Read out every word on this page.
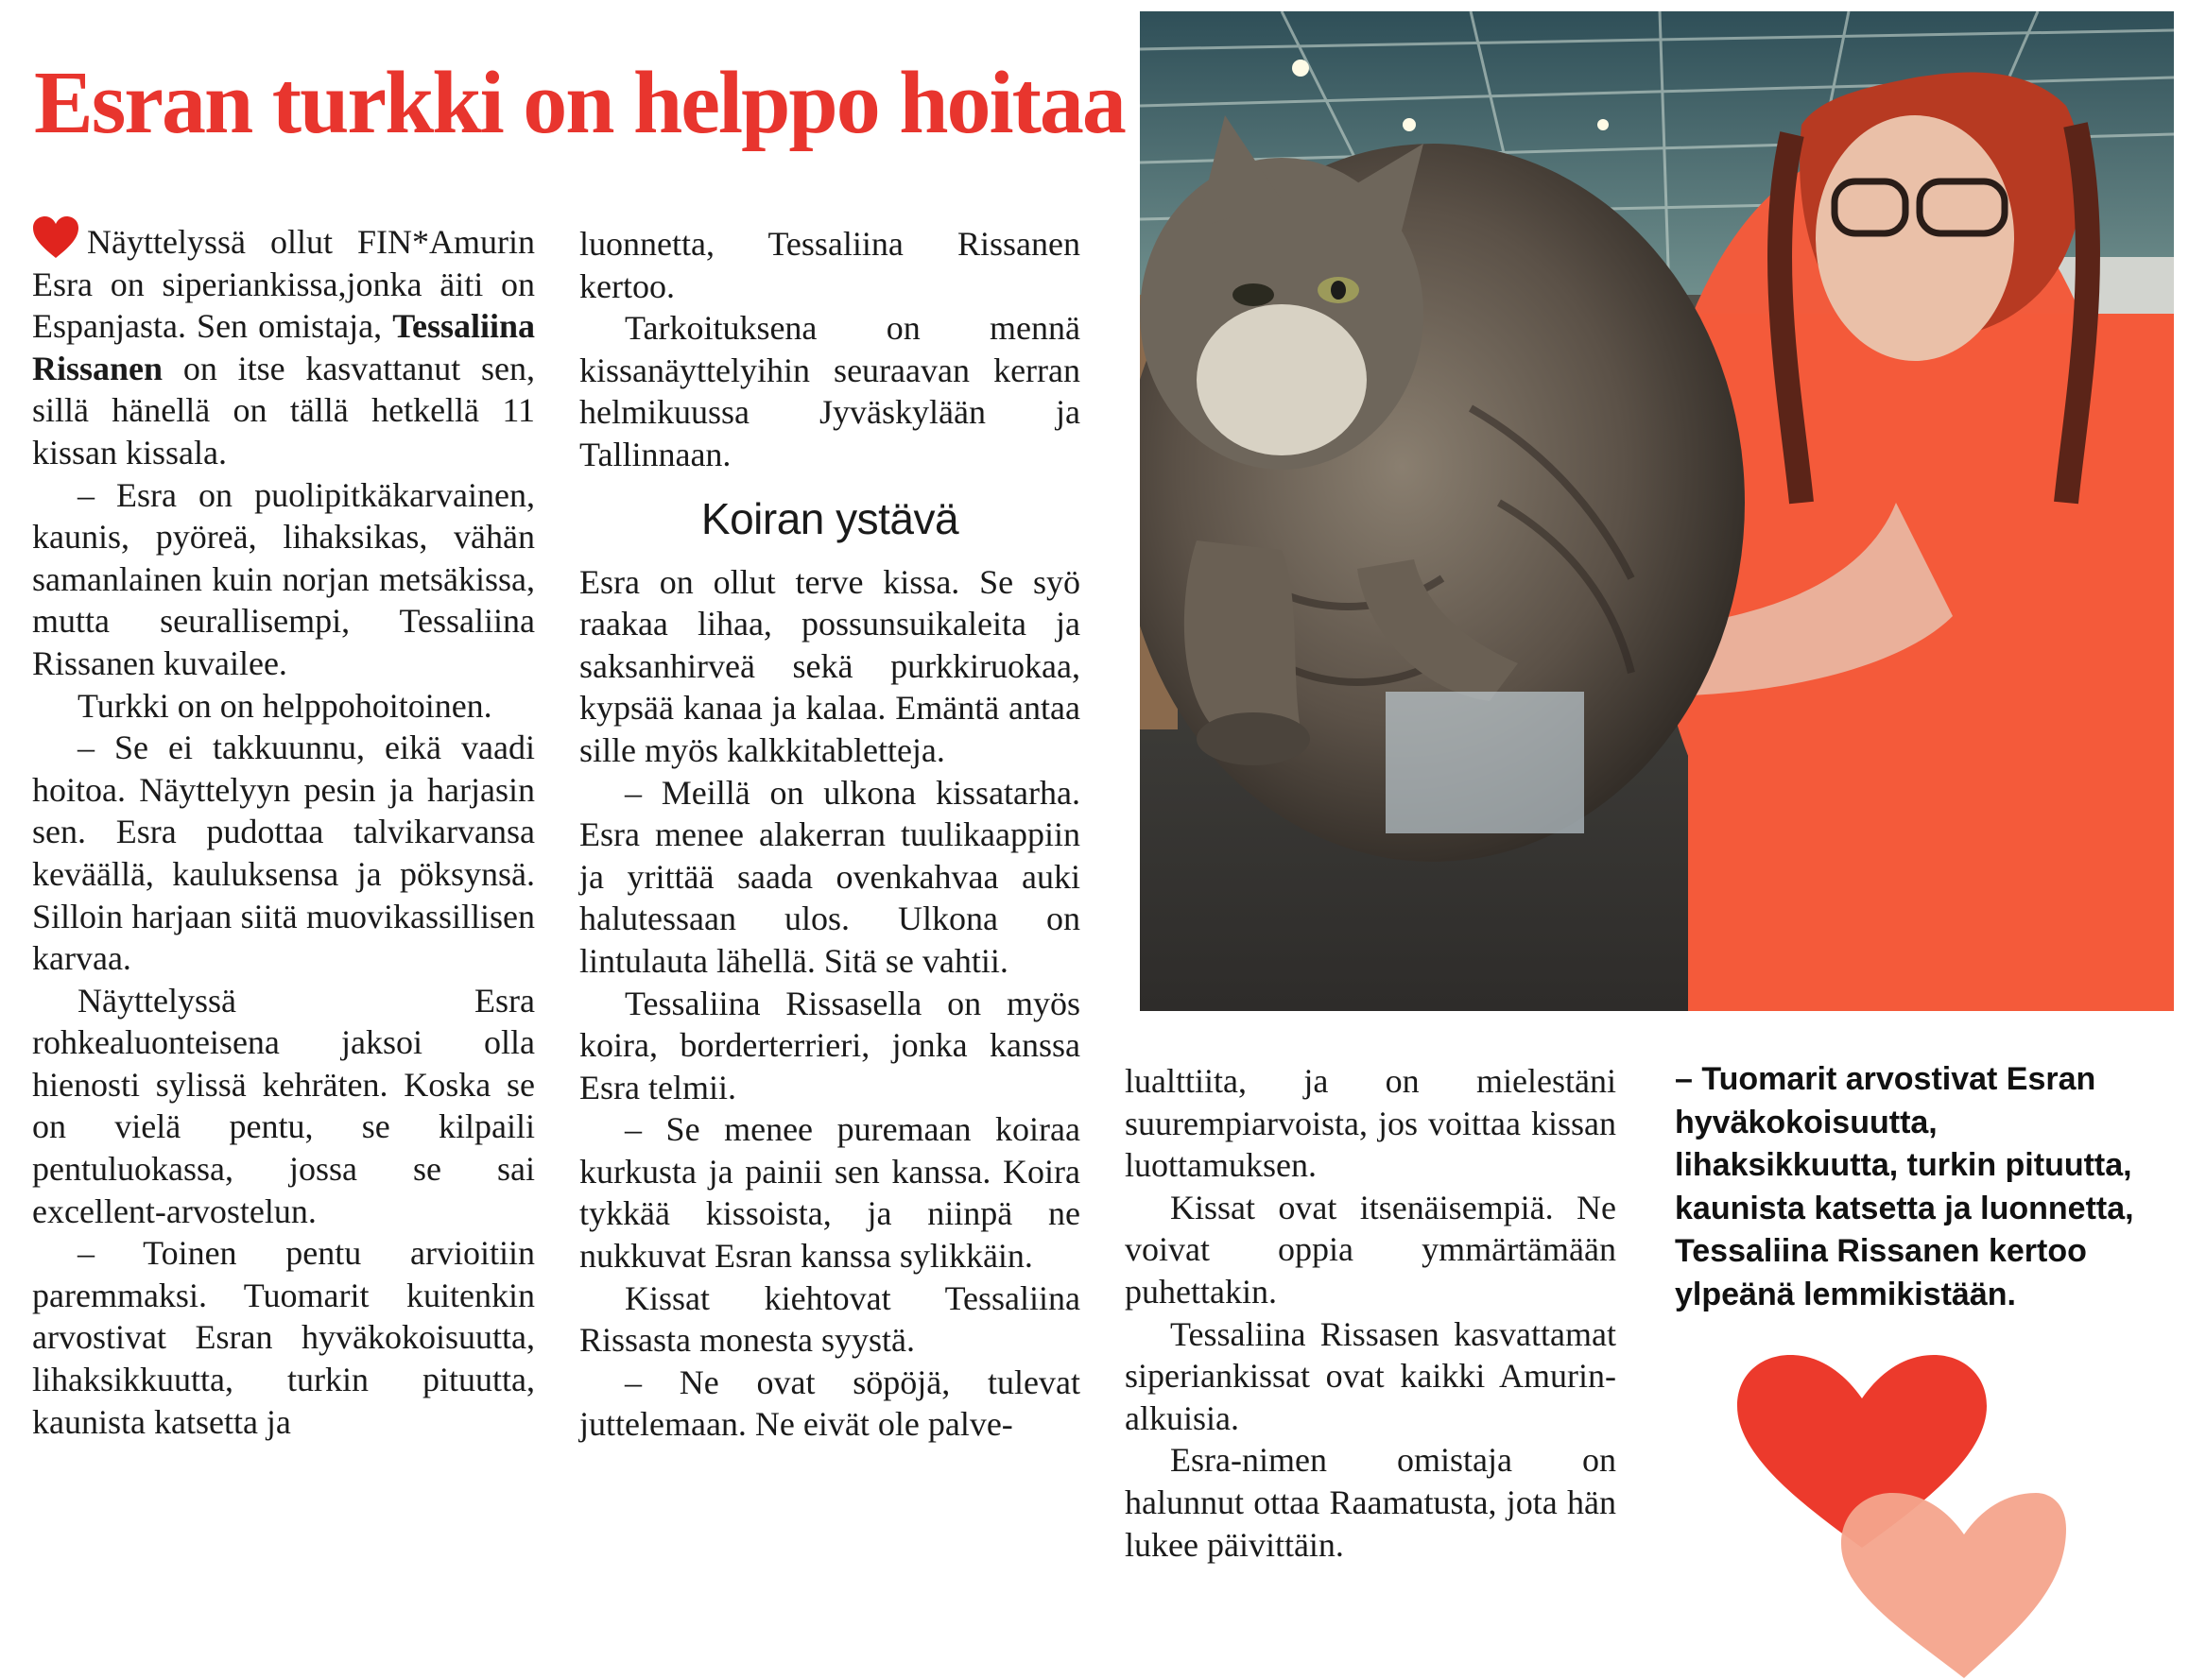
Esran turkki on helppo hoitaa

Näyttelyssä ollut FIN*Amurin Esra on siperiankissa,jonka äiti on Espanjasta. Sen omistaja, Tessaliina Rissanen on itse kasvattanut sen, sillä hänellä on tällä hetkellä 11 kissan kissala.

– Esra on puolipitkäkarvainen, kaunis, pyöreä, lihaksikas, vähän samanlainen kuin norjan metsäkissa, mutta seurallisempi, Tessaliina Rissanen kuvailee.

Turkki on on helppohoitoinen.

– Se ei takkuunnu, eikä vaadi hoitoa. Näyttelyyn pesin ja harjasin sen. Esra pudottaa talvikarvansa keväällä, kauluksensa ja pöksynsä. Silloin harjaan siitä muovikassillisen karvaa.

Näyttelyssä Esra rohkealuonteisena jaksoi olla hienosti sylissä kehräten. Koska se on vielä pentu, se kilpaili pentuluokassa, jossa se sai excellent-arvostelun.

– Toinen pentu arvioitiin paremmaksi. Tuomarit kuitenkin arvostivat Esran hyväkokoisuutta, lihaksikkuutta, turkin pituutta, kaunista katsetta ja

luonnetta, Tessaliina Rissanen kertoo.

Tarkoituksena on mennä kissanäyttelyihin seuraavan kerran helmikuussa Jyväskylään ja Tallinnaan.

Koiran ystävä

Esra on ollut terve kissa. Se syö raakaa lihaa, possunsuikaleita ja saksanhirveä sekä purkkiruokaa, kypsää kanaa ja kalaa. Emäntä antaa sille myös kalkkitabletteja.

– Meillä on ulkona kissatarha. Esra menee alakerran tuulikaappiin ja yrittää saada ovenkahvaa auki halutessaan ulos. Ulkona on lintulauta lähellä. Sitä se vahtii.

Tessaliina Rissasella on myös koira, borderterrieri, jonka kanssa Esra telmii.

– Se menee puremaan koiraa kurkusta ja painii sen kanssa. Koira tykkää kissoista, ja niinpä ne nukkuvat Esran kanssa sylikkäin.

Kissat kiehtovat Tessaliina Rissasta monesta syystä.

– Ne ovat söpöjä, tulevat juttelemaan. Ne eivät ole palve-

lualttiita, ja on mielestäni suurempiarvoista, jos voittaa kissan luottamuksen.

Kissat ovat itsenäisempiä. Ne voivat oppia ymmärtämään puhettakin.

Tessaliina Rissasen kasvattamat siperiankissat ovat kaikki Amurin-alkuisia.

Esra-nimen omistaja on halunnut ottaa Raamatusta, jota hän lukee päivittäin.

– Tuomarit arvostivat Esran hyväkokoisuutta, lihaksikkuutta, turkin pituutta, kaunista katsetta ja luonnetta, Tessaliina Rissanen kertoo ylpeänä lemmikistään.
